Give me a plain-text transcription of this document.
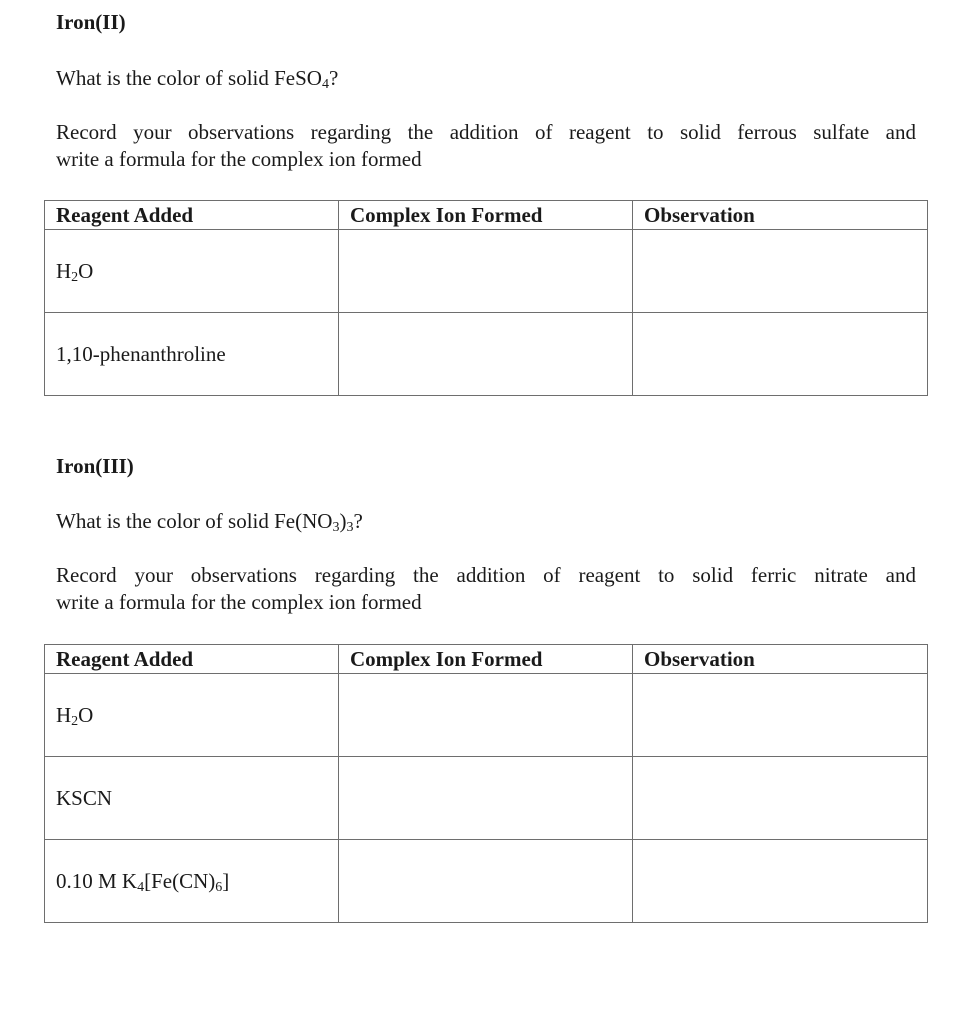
Iron(II)
What is the color of solid FeSO$_4$?
Record your observations regarding the addition of reagent to solid ferrous sulfate and
write a formula for the complex ion formed
Reagent Added	Complex Ion Formed	Observation
$H_2O$		
1,10-phenanthroline		
Iron(III)
What is the color of solid $Fe(NO_3)_3$?
Record your observations regarding the addition of reagent to solid ferric nitrate and
write a formula for the complex ion formed
Reagent Added	Complex Ion Formed	Observation
$H_2O$		
KSCN		
0.10 M $K_4[Fe(CN)_6]$		
